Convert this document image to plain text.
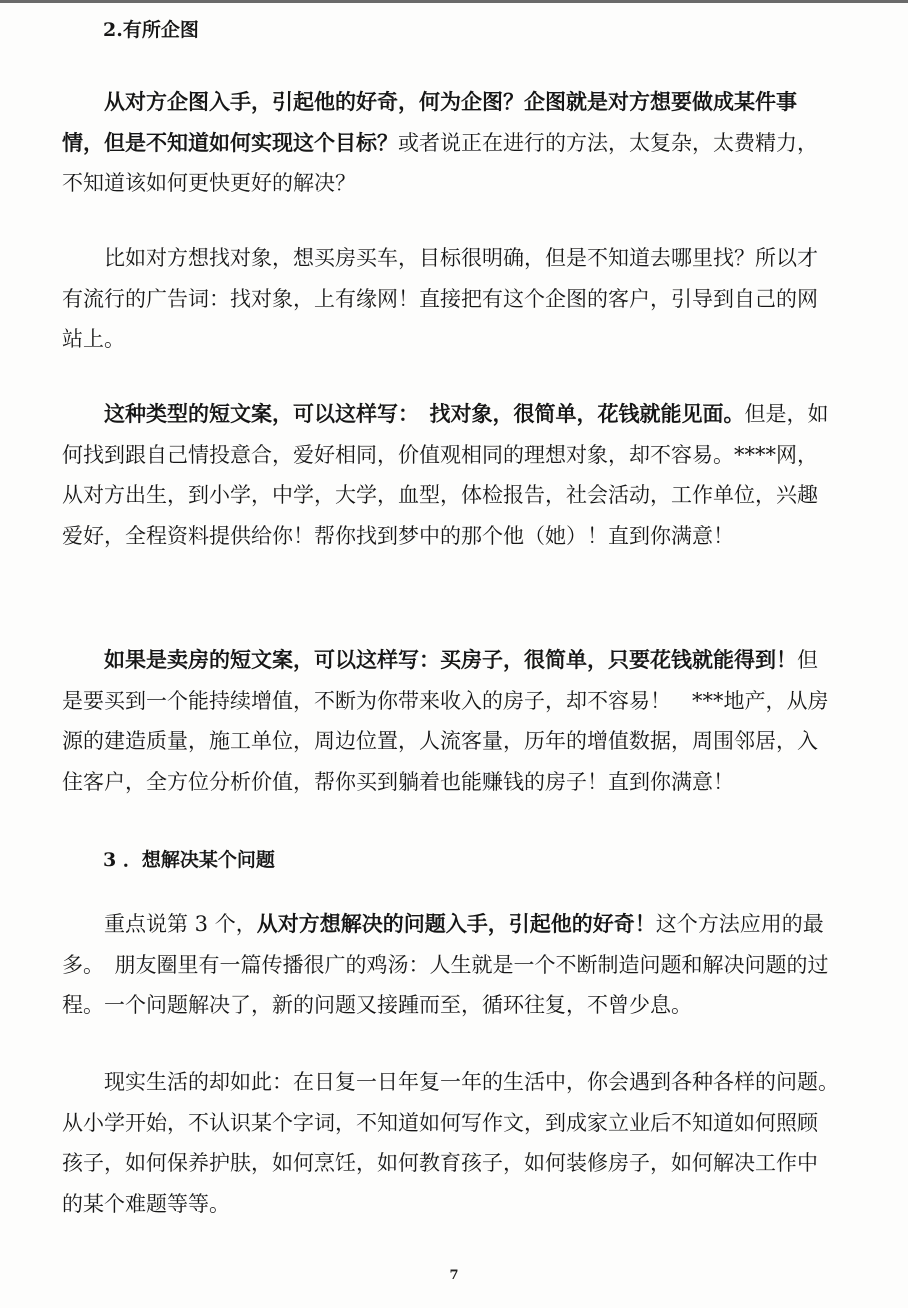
2.有所企图

从对方企图入手，引起他的好奇，何为企图？企图就是对方想要做成某件事情，但是不知道如何实现这个目标？或者说正在进行的方法，太复杂，太费精力，不知道该如何更快更好的解决？

比如对方想找对象，想买房买车，目标很明确，但是不知道去哪里找？所以才有流行的广告词：找对象，上有缘网！直接把有这个企图的客户，引导到自己的网站上。

这种类型的短文案，可以这样写：　找对象，很简单，花钱就能见面。但是，如何找到跟自己情投意合，爱好相同，价值观相同的理想对象，却不容易。****网，从对方出生，到小学，中学，大学，血型，体检报告，社会活动，工作单位，兴趣爱好，全程资料提供给你！帮你找到梦中的那个他（她）！直到你满意！

如果是卖房的短文案，可以这样写：买房子，很简单，只要花钱就能得到！但是要买到一个能持续增值，不断为你带来收入的房子，却不容易！　***地产，从房源的建造质量，施工单位，周边位置，人流客量，历年的增值数据，周围邻居，入住客户，全方位分析价值，帮你买到躺着也能赚钱的房子！直到你满意！

3 ．想解决某个问题

重点说第 3 个，从对方想解决的问题入手，引起他的好奇！这个方法应用的最多。　朋友圈里有一篇传播很广的鸡汤：人生就是一个不断制造问题和解决问题的过程。一个问题解决了，新的问题又接踵而至，循环往复，不曾少息。

现实生活的却如此：在日复一日年复一年的生活中，你会遇到各种各样的问题。　从小学开始，不认识某个字词，不知道如何写作文，到成家立业后不知道如何照顾孩子，如何保养护肤，如何烹饪，如何教育孩子，如何装修房子，如何解决工作中的某个难题等等。

7
